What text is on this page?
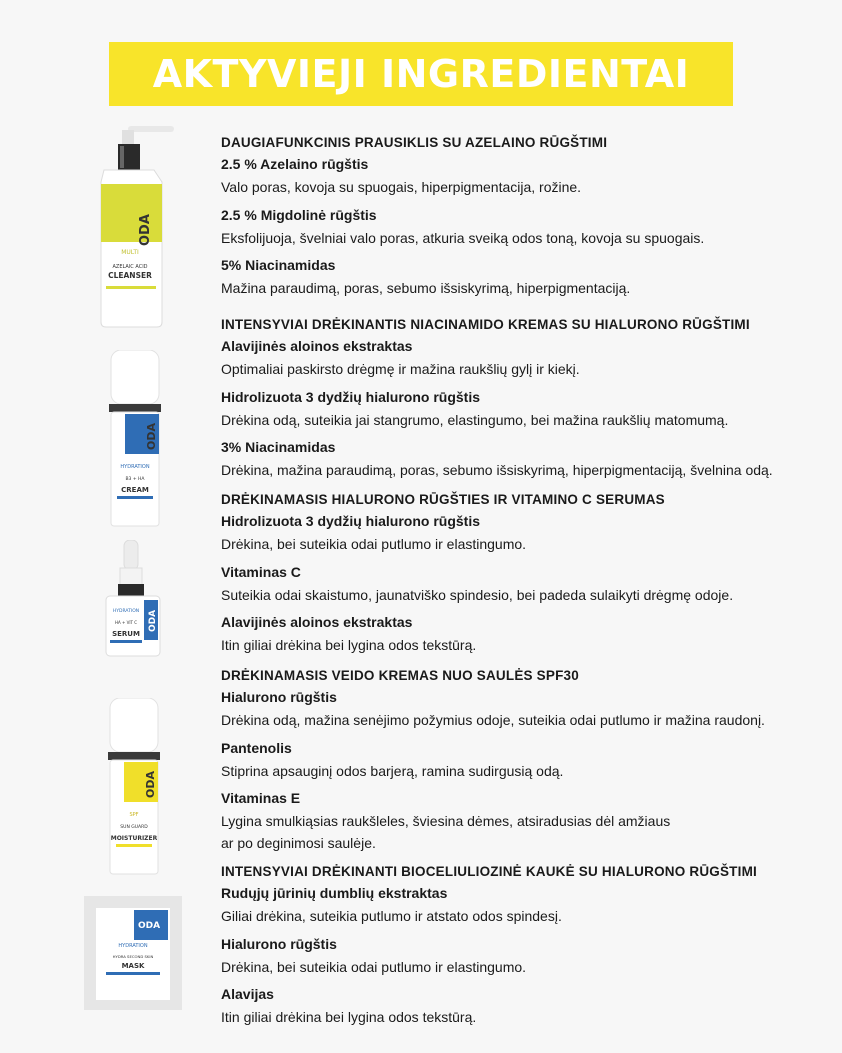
AKTYVIEJI INGREDIENTAI
ODA
MULTI
AZELAIC ACID
CLEANSER
ODA
HYDRATION
B3 + HA
CREAM
ODA
HYDRATION
HA + VIT C
SERUM
ODA
SPF
SUN GUARD
MOISTURIZER
ODA
HYDRATION
HYDRA SECOND SKIN
MASK
DAUGIAFUNKCINIS PRAUSIKLIS SU AZELAINO RŪGŠTIMI
2.5 % Azelaino rūgštis
Valo poras, kovoja su spuogais, hiperpigmentacija, rožine.
2.5 % Migdolinė rūgštis
Eksfolijuoja, švelniai valo poras, atkuria sveiką odos toną, kovoja su spuogais.
5% Niacinamidas
Mažina paraudimą, poras, sebumo išsiskyrimą, hiperpigmentaciją.
INTENSYVIAI DRĖKINANTIS NIACINAMIDO KREMAS SU HIALURONO RŪGŠTIMI
Alavijinės aloinos ekstraktas
Optimaliai paskirsto drėgmę ir mažina raukšlių gylį ir kiekį.
Hidrolizuota 3 dydžių hialurono rūgštis
Drėkina odą, suteikia jai stangrumo, elastingumo, bei mažina raukšlių matomumą.
3% Niacinamidas
Drėkina, mažina paraudimą, poras, sebumo išsiskyrimą, hiperpigmentaciją, švelnina odą.
DRĖKINAMASIS HIALURONO RŪGŠTIES IR VITAMINO C SERUMAS
Hidrolizuota 3 dydžių hialurono rūgštis
Drėkina, bei suteikia odai putlumo ir elastingumo.
Vitaminas C
Suteikia odai skaistumo, jaunatviško spindesio, bei padeda sulaikyti drėgmę odoje.
Alavijinės aloinos ekstraktas
Itin giliai drėkina bei lygina odos tekstūrą.
DRĖKINAMASIS VEIDO KREMAS NUO SAULĖS SPF30
Hialurono rūgštis
Drėkina odą, mažina senėjimo požymius odoje, suteikia odai putlumo ir mažina raudonį.
Pantenolis
Stiprina apsauginį odos barjerą, ramina sudirgusią odą.
Vitaminas E
Lygina smulkiąsias raukšleles, šviesina dėmes, atsiradusias dėl amžiaus
ar po deginimosi saulėje.
INTENSYVIAI DRĖKINANTI BIOCELIULIOZINĖ KAUKĖ SU HIALURONO RŪGŠTIMI
Rudųjų jūrinių dumblių ekstraktas
Giliai drėkina, suteikia putlumo ir atstato odos spindesį.
Hialurono rūgštis
Drėkina, bei suteikia odai putlumo ir elastingumo.
Alavijas
Itin giliai drėkina bei lygina odos tekstūrą.
